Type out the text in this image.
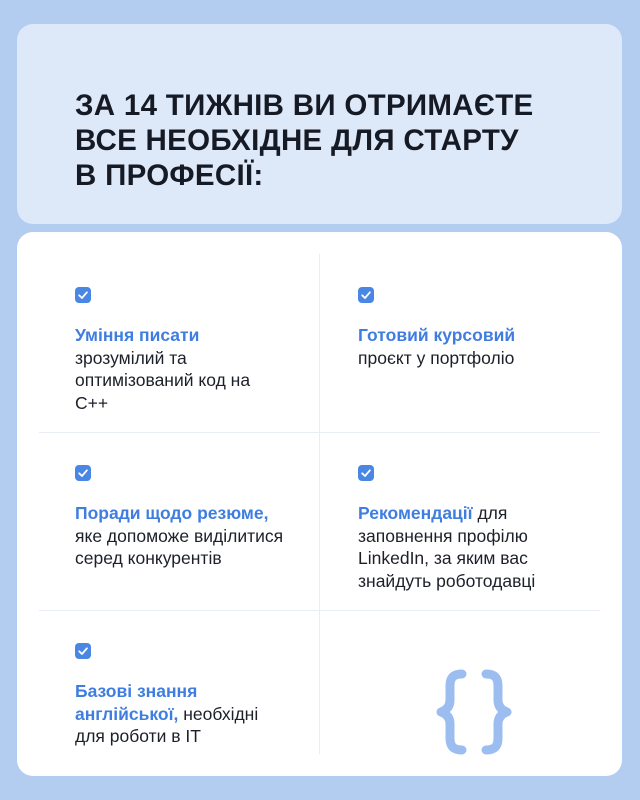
ЗА 14 ТИЖНІВ ВИ ОТРИМАЄТЕ
ВСЕ НЕОБХІДНЕ ДЛЯ СТАРТУ
В ПРОФЕСІЇ:

Уміння писати зрозумілий та оптимізований код на C++

Готовий курсовий проєкт у портфоліо

Поради щодо резюме, яке допоможе виділитися серед конкурентів

Рекомендації для заповнення профілю LinkedIn, за яким вас знайдуть роботодавці

Базові знання англійської, необхідні для роботи в IT
